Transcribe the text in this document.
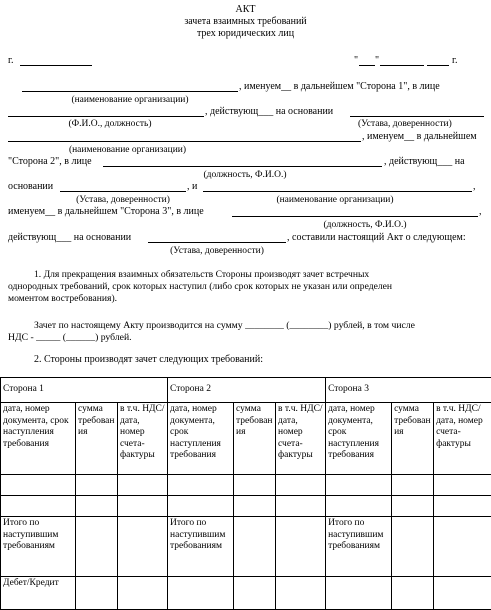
АКТ
зачета взаимных требований
трех юридических лиц
г.	" "	г.
, именуем__ в дальнейшем "Сторона 1", в лице
(наименование организации)
, действующ___ на основании
(Ф.И.О., должность)	(Устава, доверенности)
, именуем__ в дальнейшем
(наименование организации)
"Сторона 2", в лице	, действующ___ на
(должность, Ф.И.О.)
основании	, и	,
(Устава, доверенности)	(наименование организации)
именуем__ в дальнейшем "Сторона 3", в лице	,
(должность, Ф.И.О.)
действующ___ на основании	, составили настоящий Акт о следующем:
(Устава, доверенности)
1. Для прекращения взаимных обязательств Стороны производят зачет встречных
однородных требований, срок которых наступил (либо срок которых не указан или определен
моментом востребования).
Зачет по настоящему Акту производится на сумму ________ (________) рублей, в том числе
НДС - _____ (______) рублей.
2. Стороны производят зачет следующих требований:
Сторона 1			Сторона 2			Сторона 3		
дата, номер документа, срок наступления требования	сумма требования	в т.ч. НДС/дата, номер счета-фактуры	дата, номер документа, срок наступления требования	сумма требования	в т.ч. НДС/дата, номер счета-фактуры	дата, номер документа, срок наступления требования	сумма требования	в т.ч. НДС/дата, номер счета-фактуры

Итого по наступившим требованиям			Итого по наступившим требованиям			Итого по наступившим требованиям		
Дебет/Кредит								
